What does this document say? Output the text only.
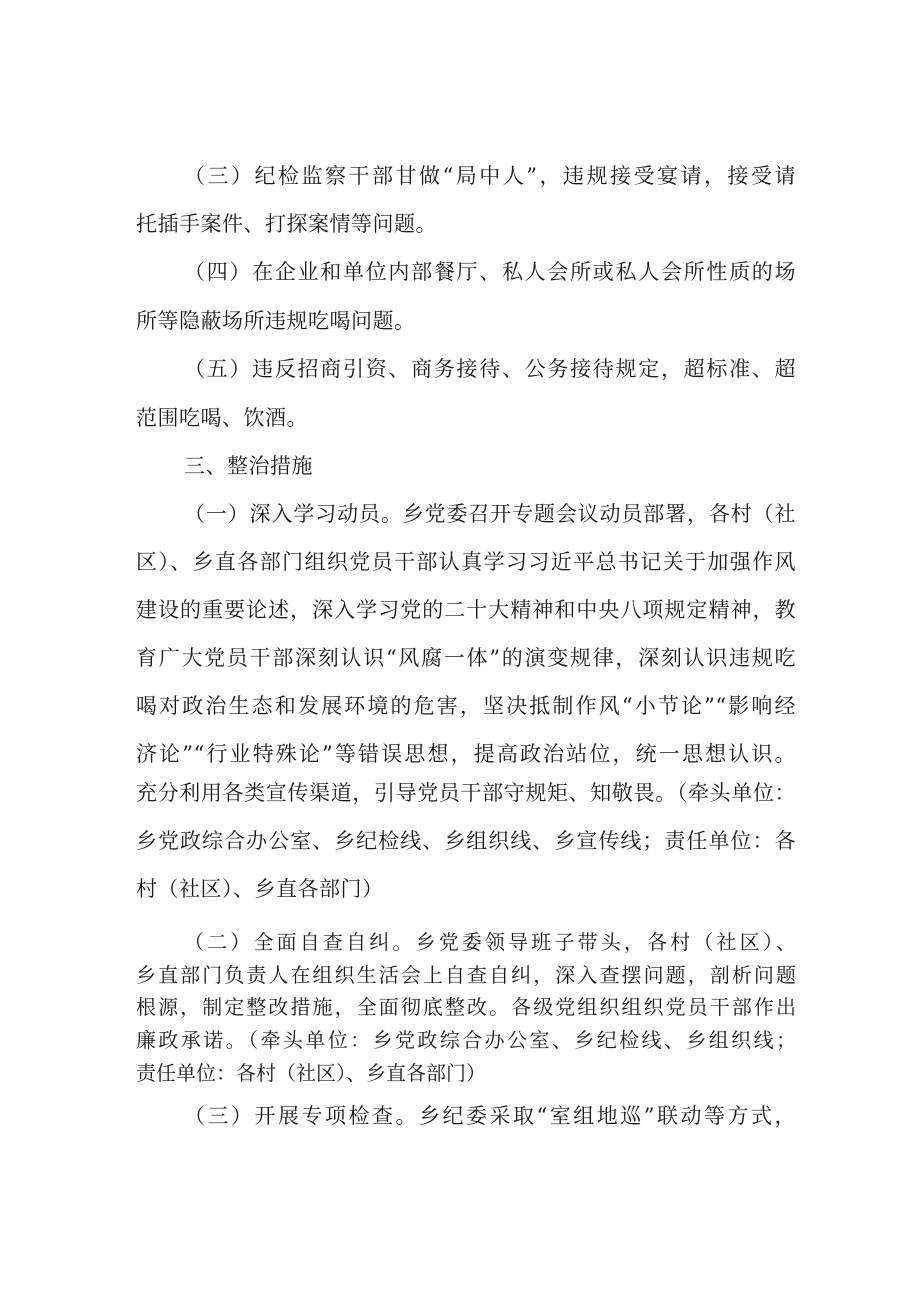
（三）纪检监察干部甘做“局中人”，违规接受宴请，接受请
托插手案件、打探案情等问题。
（四）在企业和单位内部餐厅、私人会所或私人会所性质的场
所等隐蔽场所违规吃喝问题。
（五）违反招商引资、商务接待、公务接待规定，超标准、超
范围吃喝、饮酒。
三、整治措施
（一）深入学习动员。乡党委召开专题会议动员部署，各村（社
区）、乡直各部门组织党员干部认真学习习近平总书记关于加强作风
建设的重要论述，深入学习党的二十大精神和中央八项规定精神，教
育广大党员干部深刻认识“风腐一体”的演变规律，深刻认识违规吃
喝对政治生态和发展环境的危害，坚决抵制作风“小节论”“影响经
济论”“行业特殊论”等错误思想，提高政治站位，统一思想认识。
充分利用各类宣传渠道，引导党员干部守规矩、知敬畏。（牵头单位：
乡党政综合办公室、乡纪检线、乡组织线、乡宣传线；责任单位：各
村（社区）、乡直各部门）
（二）全面自查自纠。乡党委领导班子带头，各村（社区）、
乡直部门负责人在组织生活会上自查自纠，深入查摆问题，剖析问题
根源，制定整改措施，全面彻底整改。各级党组织组织党员干部作出
廉政承诺。（牵头单位：乡党政综合办公室、乡纪检线、乡组织线；
责任单位：各村（社区）、乡直各部门）
（三）开展专项检查。乡纪委采取“室组地巡”联动等方式，
